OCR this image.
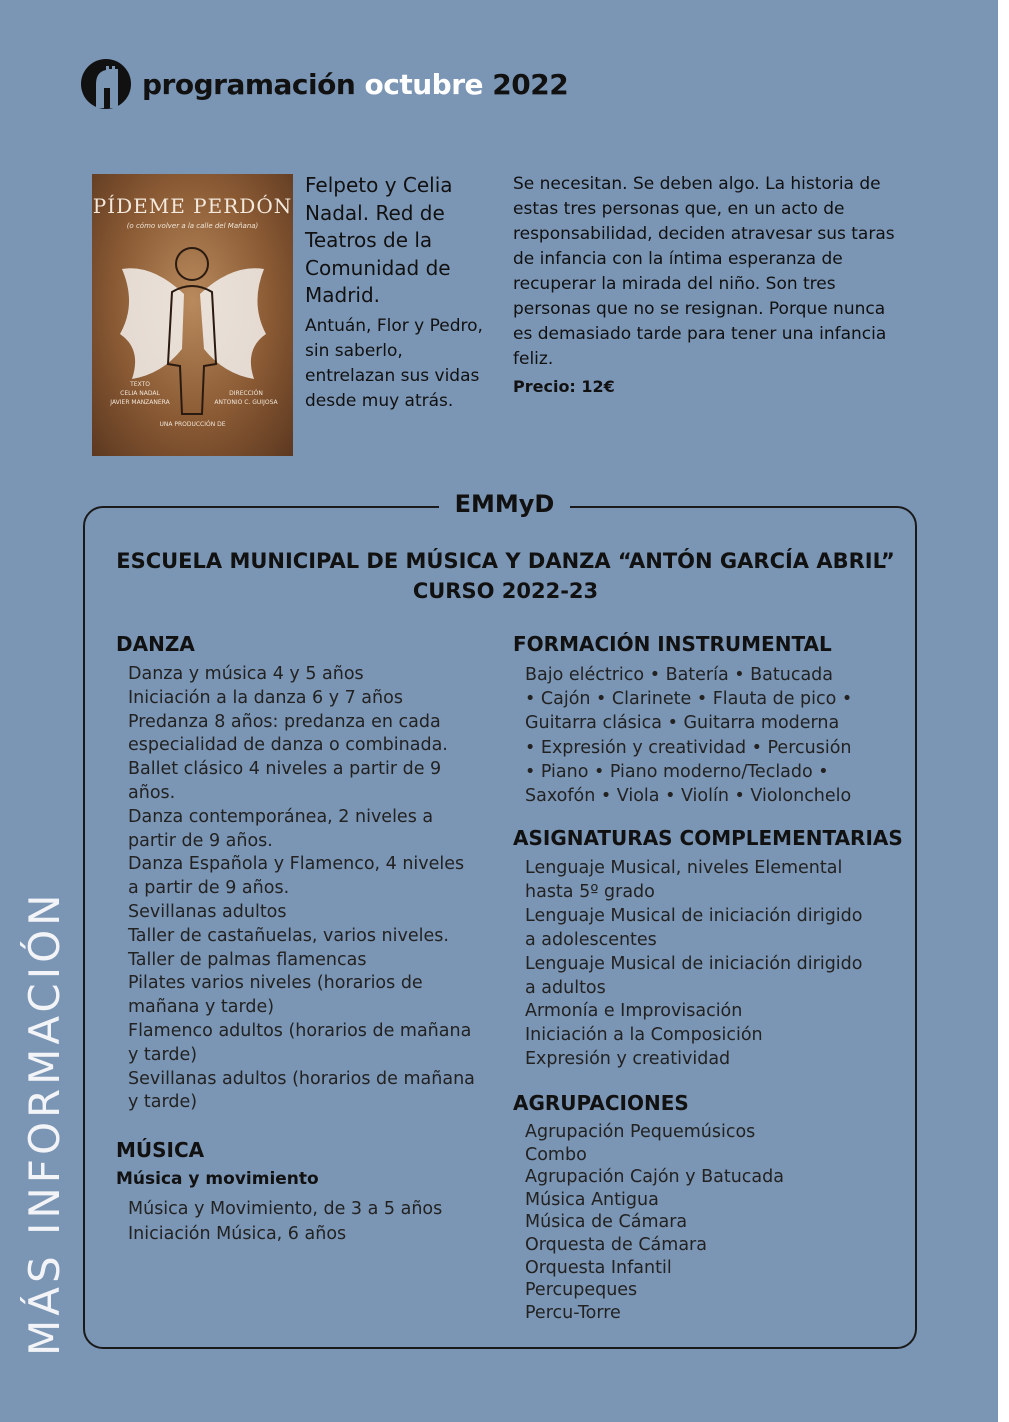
programación octubre 2022
PÍDEME PERDÓN
(o cómo volver a la calle del Mañana)
TEXTO
CELIA NADAL
JAVIER MANZANERA
DIRECCIÓN
ANTONIO C. GUIJOSA
UNA PRODUCCIÓN DE
Felpeto y Celia Nadal. Red de Teatros de la Comunidad de Madrid.
Antuán, Flor y Pedro, sin saberlo, entrelazan sus vidas desde muy atrás.
Se necesitan. Se deben algo. La historia de estas tres personas que, en un acto de responsabilidad, deciden atravesar sus taras de infancia con la íntima esperanza de recuperar la mirada del niño. Son tres personas que no se resignan. Porque nunca es demasiado tarde para tener una infancia feliz.
Precio: 12€
EMMyD
ESCUELA MUNICIPAL DE MÚSICA Y DANZA “ANTÓN GARCÍA ABRIL”
CURSO 2022-23
DANZA
Danza y música 4 y 5 años
Iniciación a la danza 6 y 7 años
Predanza 8 años: predanza en cada
especialidad de danza o combinada.
Ballet clásico 4 niveles a partir de 9
años.
Danza contemporánea, 2 niveles a
partir de 9 años.
Danza Española y Flamenco, 4 niveles
a partir de 9 años.
Sevillanas adultos
Taller de castañuelas, varios niveles.
Taller de palmas flamencas
Pilates varios niveles (horarios de
mañana y tarde)
Flamenco adultos (horarios de mañana
y tarde)
Sevillanas adultos (horarios de mañana
y tarde)
MÚSICA
Música y movimiento
Música y Movimiento, de 3 a 5 años
Iniciación Música, 6 años
FORMACIÓN INSTRUMENTAL
Bajo eléctrico • Batería • Batucada
• Cajón • Clarinete • Flauta de pico •
Guitarra clásica • Guitarra moderna
• Expresión y creatividad • Percusión
• Piano • Piano moderno/Teclado •
Saxofón • Viola • Violín • Violonchelo
ASIGNATURAS COMPLEMENTARIAS
Lenguaje Musical, niveles Elemental
hasta 5º grado
Lenguaje Musical de iniciación dirigido
a adolescentes
Lenguaje Musical de iniciación dirigido
a adultos
Armonía e Improvisación
Iniciación a la Composición
Expresión y creatividad
AGRUPACIONES
Agrupación Pequemúsicos
Combo
Agrupación Cajón y Batucada
Música Antigua
Música de Cámara
Orquesta de Cámara
Orquesta Infantil
Percupeques
Percu-Torre
MÁS INFORMACIÓN
